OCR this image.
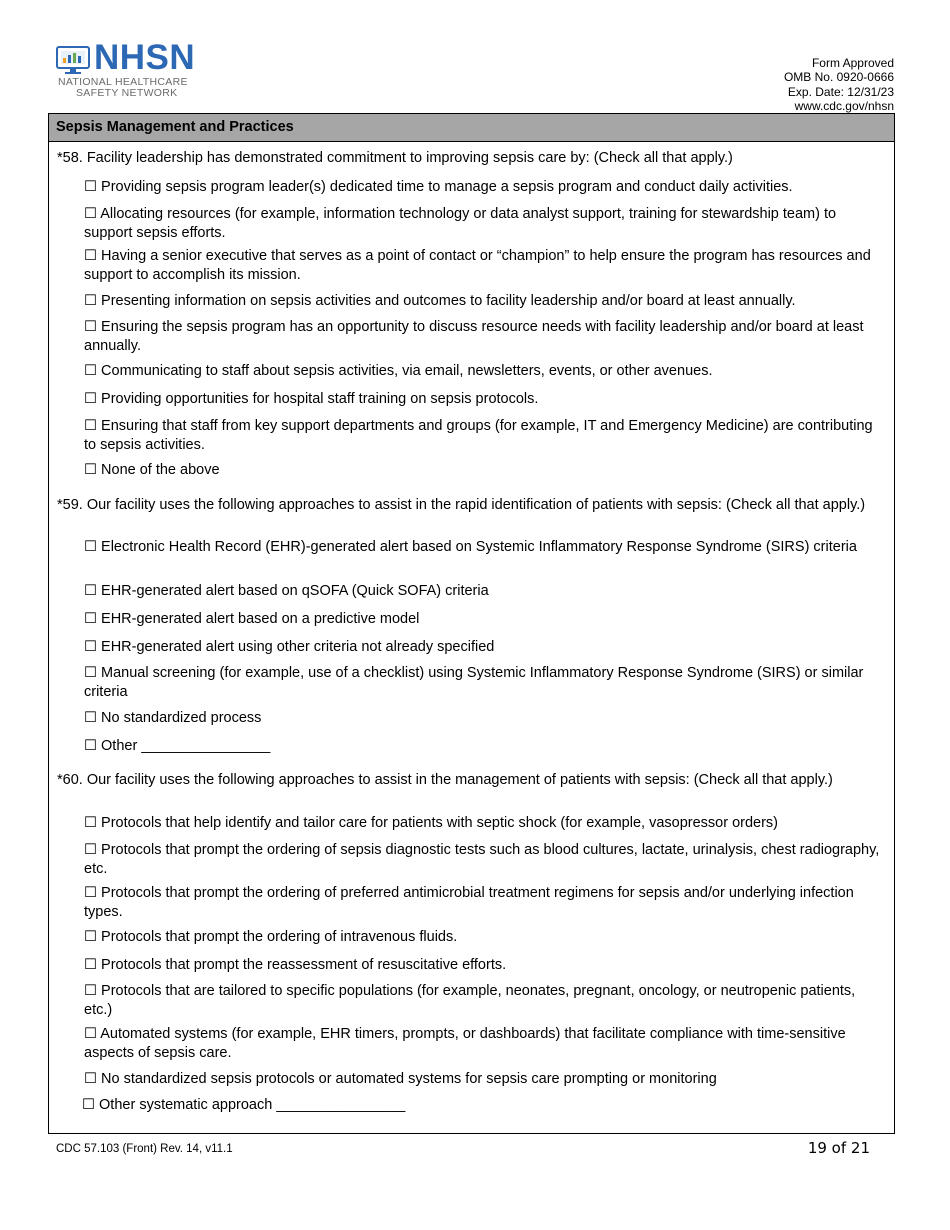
NHSN
NATIONAL HEALTHCARE
SAFETY NETWORK
Form Approved
OMB No. 0920-0666
Exp. Date: 12/31/23
www.cdc.gov/nhsn
Sepsis Management and Practices
*58. Facility leadership has demonstrated commitment to improving sepsis care by: (Check all that apply.)
☐ Providing sepsis program leader(s) dedicated time to manage a sepsis program and conduct daily activities.
☐ Allocating resources (for example, information technology or data analyst support, training for stewardship team) to support sepsis efforts.
☐ Having a senior executive that serves as a point of contact or “champion” to help ensure the program has resources and support to accomplish its mission.
☐ Presenting information on sepsis activities and outcomes to facility leadership and/or board at least annually.
☐ Ensuring the sepsis program has an opportunity to discuss resource needs with facility leadership and/or board at least annually.
☐ Communicating to staff about sepsis activities, via email, newsletters, events, or other avenues.
☐ Providing opportunities for hospital staff training on sepsis protocols.
☐ Ensuring that staff from key support departments and groups (for example, IT and Emergency Medicine) are contributing to sepsis activities.
☐ None of the above
*59. Our facility uses the following approaches to assist in the rapid identification of patients with sepsis: (Check all that apply.)
☐ Electronic Health Record (EHR)-generated alert based on Systemic Inflammatory Response Syndrome (SIRS) criteria
☐ EHR-generated alert based on qSOFA (Quick SOFA) criteria
☐ EHR-generated alert based on a predictive model
☐ EHR-generated alert using other criteria not already specified
☐ Manual screening (for example, use of a checklist) using Systemic Inflammatory Response Syndrome (SIRS) or similar criteria
☐ No standardized process
☐ Other ________________
*60. Our facility uses the following approaches to assist in the management of patients with sepsis: (Check all that apply.)
☐ Protocols that help identify and tailor care for patients with septic shock (for example, vasopressor orders)
☐ Protocols that prompt the ordering of sepsis diagnostic tests such as blood cultures, lactate, urinalysis, chest radiography, etc.
☐ Protocols that prompt the ordering of preferred antimicrobial treatment regimens for sepsis and/or underlying infection types.
☐ Protocols that prompt the ordering of intravenous fluids.
☐ Protocols that prompt the reassessment of resuscitative efforts.
☐ Protocols that are tailored to specific populations (for example, neonates, pregnant, oncology, or neutropenic patients, etc.)
☐ Automated systems (for example, EHR timers, prompts, or dashboards) that facilitate compliance with time-sensitive aspects of sepsis care.
☐ No standardized sepsis protocols or automated systems for sepsis care prompting or monitoring
☐ Other systematic approach ________________
CDC 57.103 (Front) Rev. 14, v11.1	19 of 21
